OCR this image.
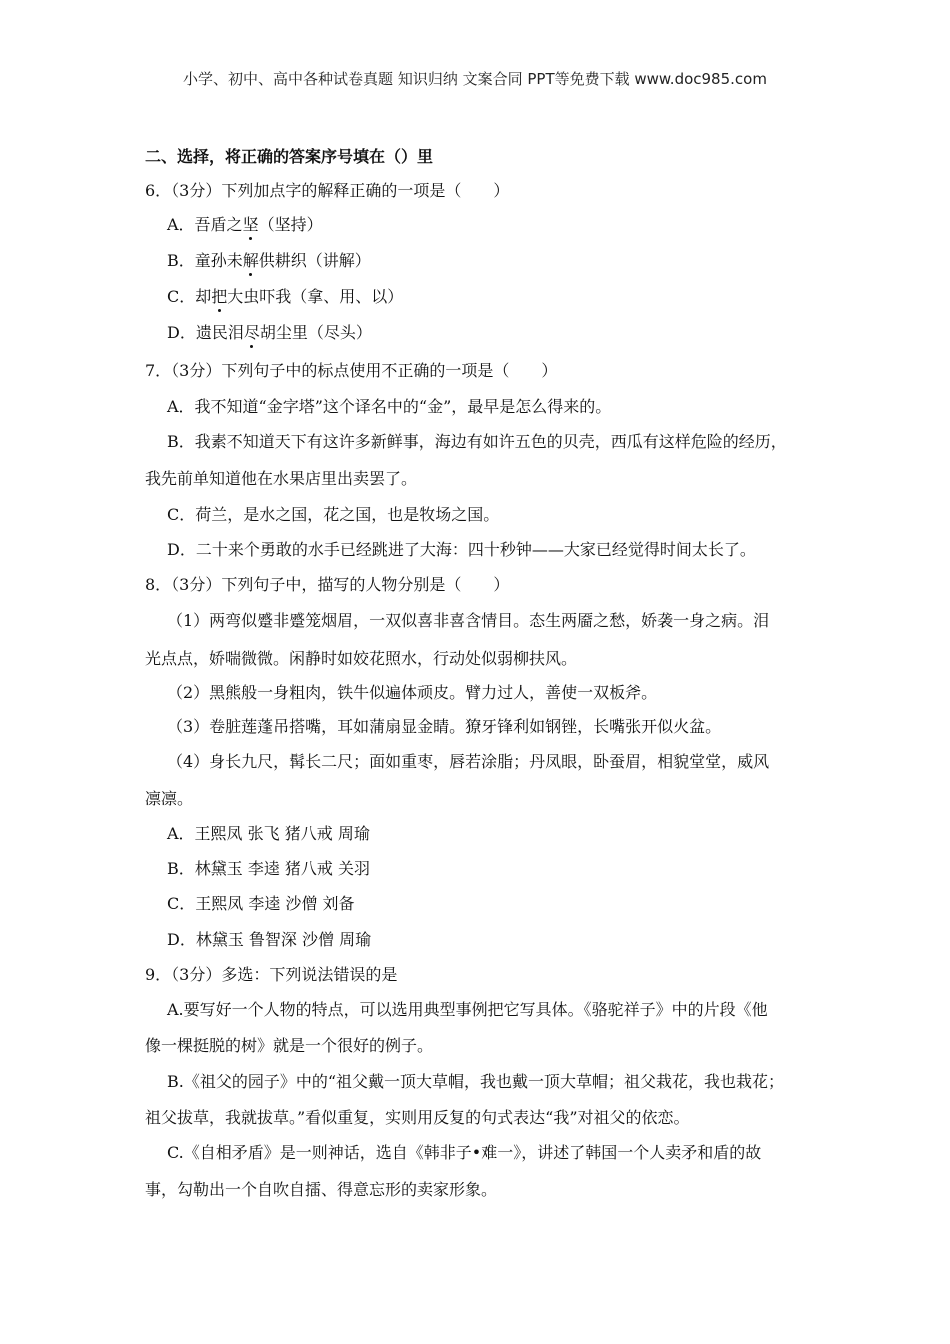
小学、初中、高中各种试卷真题 知识归纳 文案合同 PPT等免费下载 www.doc985.com
二、选择，将正确的答案序号填在（）里
6．（3分）下列加点字的解释正确的一项是（　　）
A．吾盾之坚（坚持）
B．童孙未解供耕织（讲解）
C．却把大虫吓我（拿、用、以）
D．遗民泪尽胡尘里（尽头）
7．（3分）下列句子中的标点使用不正确的一项是（　　）
A．我不知道“金字塔”这个译名中的“金”，最早是怎么得来的。
B．我素不知道天下有这许多新鲜事，海边有如许五色的贝壳，西瓜有这样危险的经历，
我先前单知道他在水果店里出卖罢了。
C．荷兰，是水之国，花之国，也是牧场之国。
D．二十来个勇敢的水手已经跳进了大海：四十秒钟——大家已经觉得时间太长了。
8．（3分）下列句子中，描写的人物分别是（　　）
（1）两弯似蹙非蹙笼烟眉，一双似喜非喜含情目。态生两靥之愁，娇袭一身之病。泪
光点点，娇喘微微。闲静时如姣花照水，行动处似弱柳扶风。
（2）黑熊般一身粗肉，铁牛似遍体顽皮。臂力过人，善使一双板斧。
（3）卷脏莲蓬吊搭嘴，耳如蒲扇显金睛。獠牙锋利如钢锉，长嘴张开似火盆。
（4）身长九尺，髯长二尺；面如重枣，唇若涂脂；丹凤眼，卧蚕眉，相貌堂堂，威风
凛凛。
A．王熙凤 张飞 猪八戒 周瑜
B．林黛玉 李逵 猪八戒 关羽
C．王熙凤 李逵 沙僧 刘备
D．林黛玉 鲁智深 沙僧 周瑜
9．（3分）多选：下列说法错误的是
A.要写好一个人物的特点，可以选用典型事例把它写具体。《骆驼祥子》中的片段《他
像一棵挺脱的树》就是一个很好的例子。
B.《祖父的园子》中的“祖父戴一顶大草帽，我也戴一顶大草帽；祖父栽花，我也栽花；
祖父拔草，我就拔草。”看似重复，实则用反复的句式表达“我”对祖父的依恋。
C.《自相矛盾》是一则神话，选自《韩非子•难一》，讲述了韩国一个人卖矛和盾的故
事，勾勒出一个自吹自擂、得意忘形的卖家形象。
